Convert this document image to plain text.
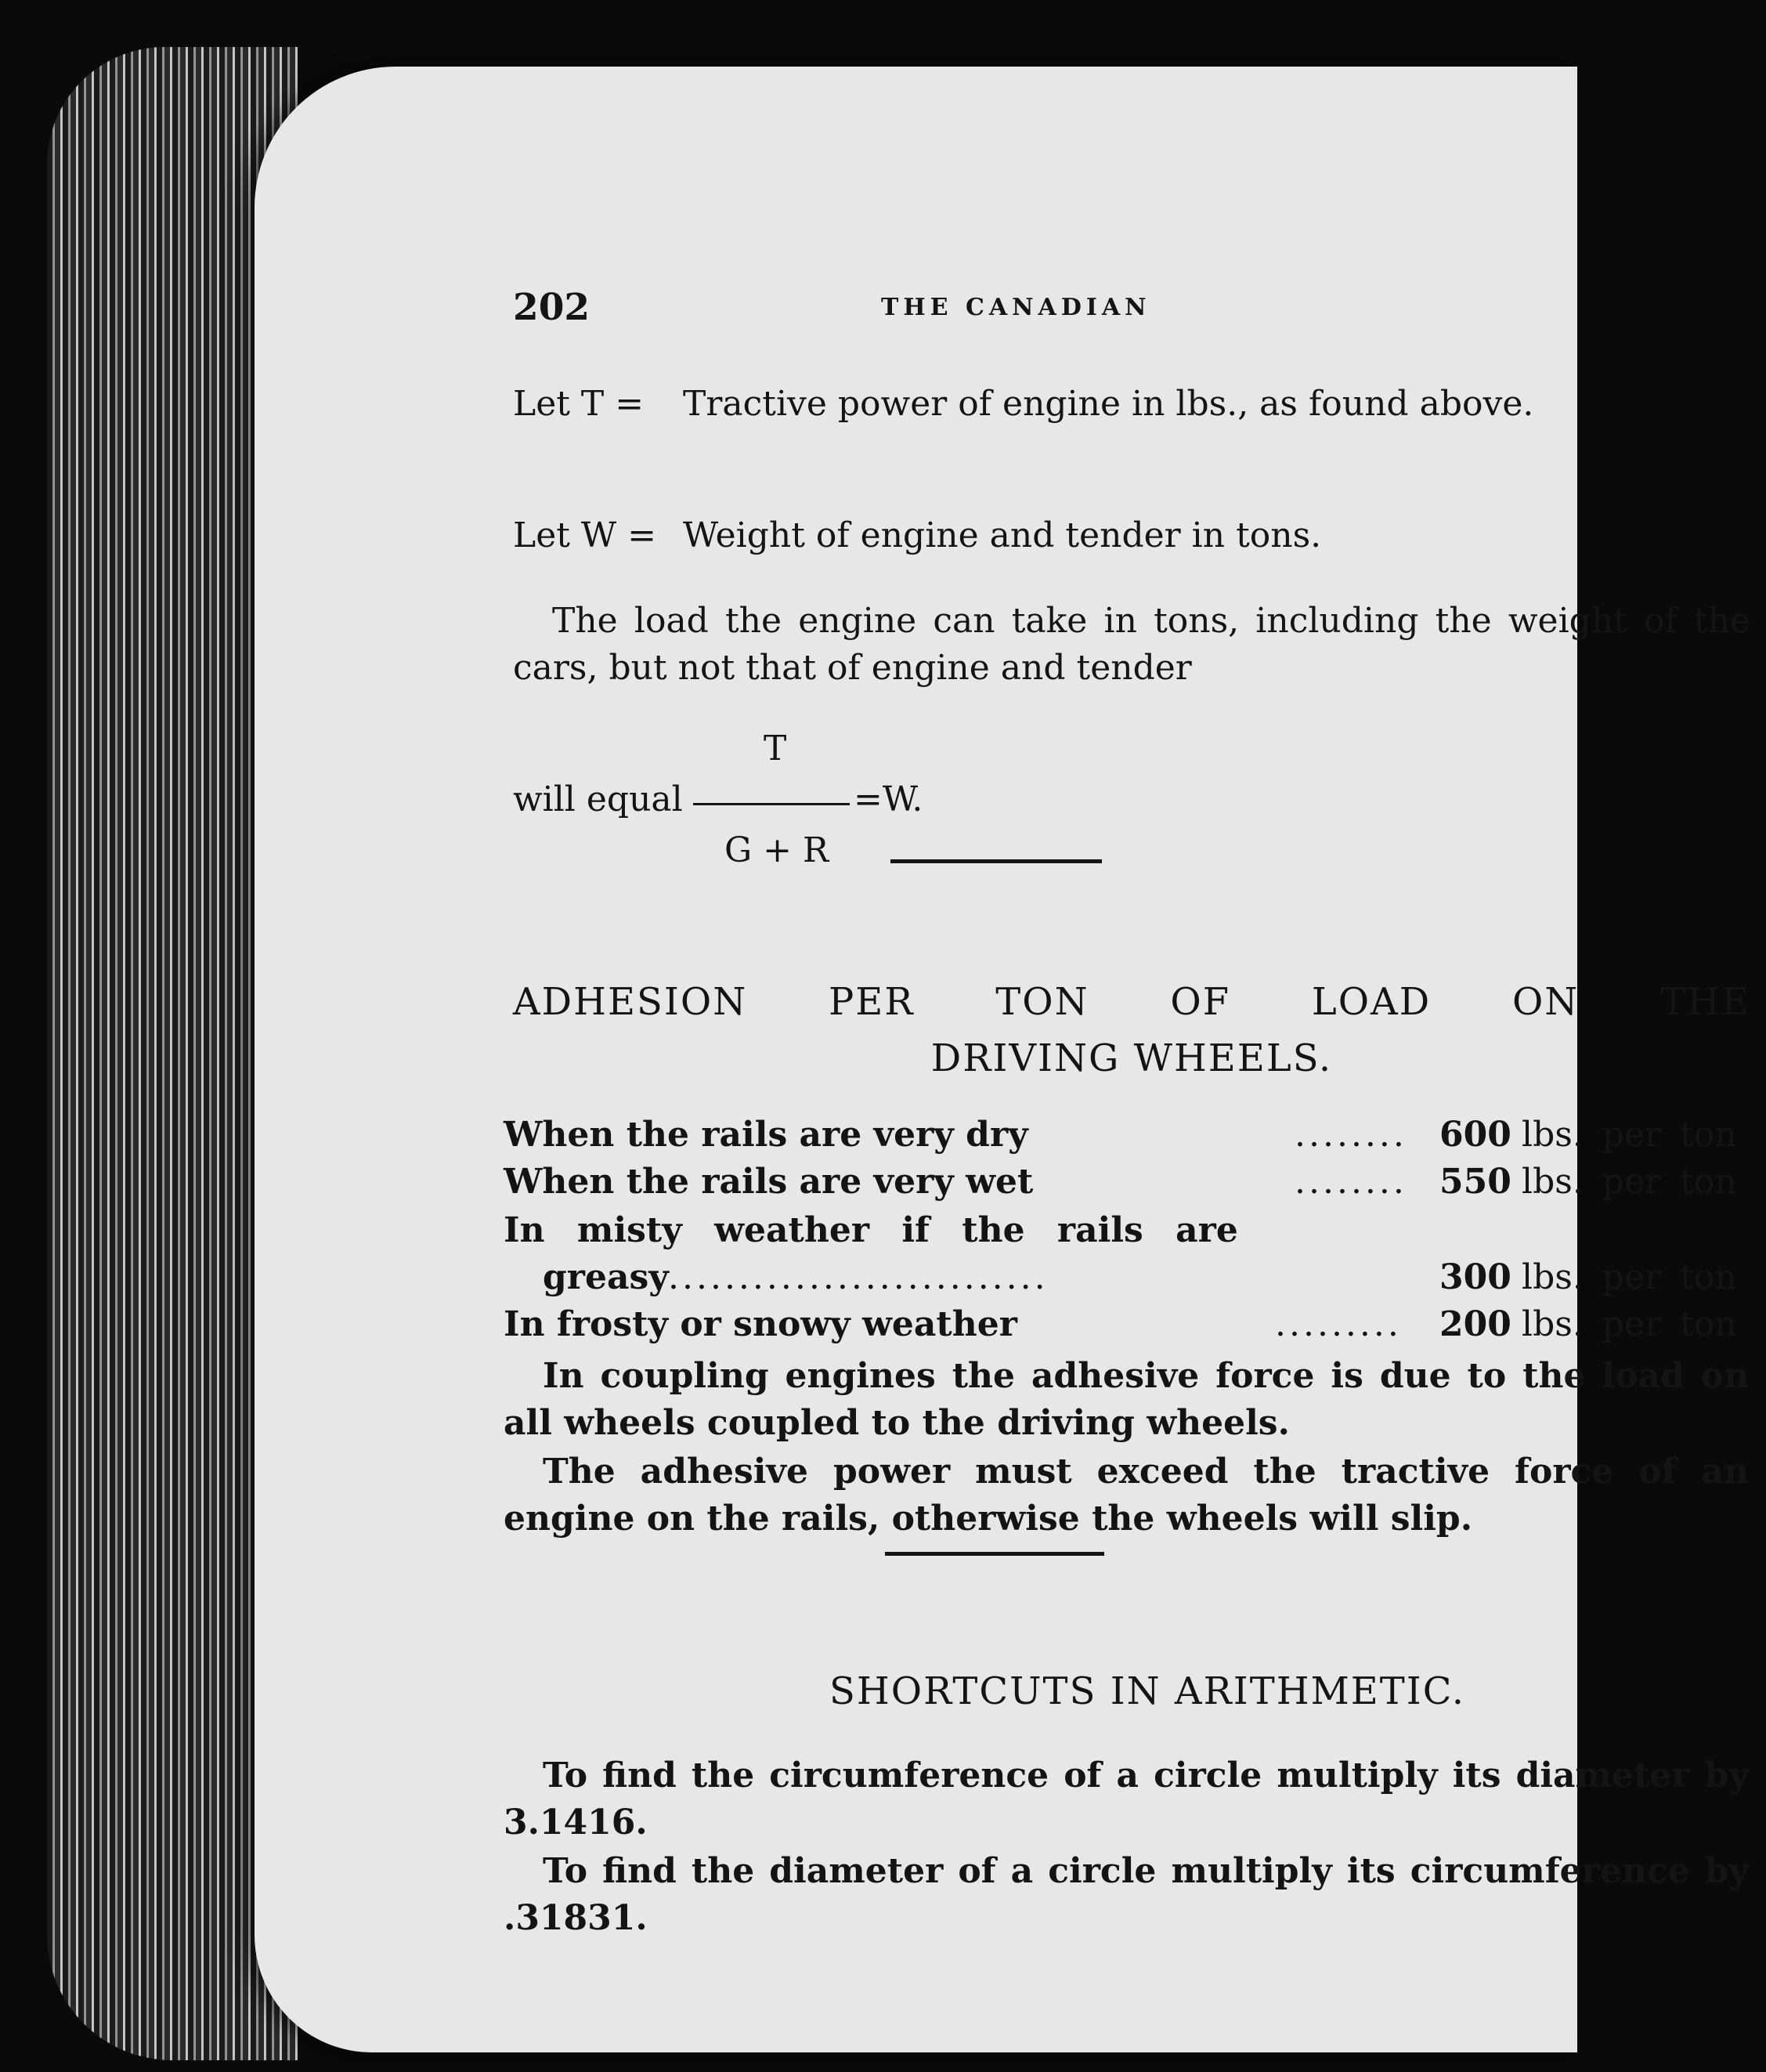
202	THE CANADIAN
Let T = Tractive power of engine in lbs., as found above.
Let W = Weight of engine and tender in tons.
The load the engine can take in tons, including the weight of the cars, but not that of engine and tender
will equal
T
G + R
=W.
ADHESION PER TON OF LOAD ON THE
DRIVING WHEELS.
When the rails are very dry	........ 600 lbs. per ton
When the rails are very wet	........ 550 lbs. per ton
In misty weather if the rails are
greasy ...........................	300 lbs. per ton
In frosty or snowy weather	.........	200 lbs. per ton
In coupling engines the adhesive force is due to the load on all wheels coupled to the driving wheels.
The adhesive power must exceed the tractive force of an engine on the rails, otherwise the wheels will slip.
SHORTCUTS IN ARITHMETIC.
To find the circumference of a circle multiply its diameter by 3.1416.
To find the diameter of a circle multiply its circumference by .31831.
